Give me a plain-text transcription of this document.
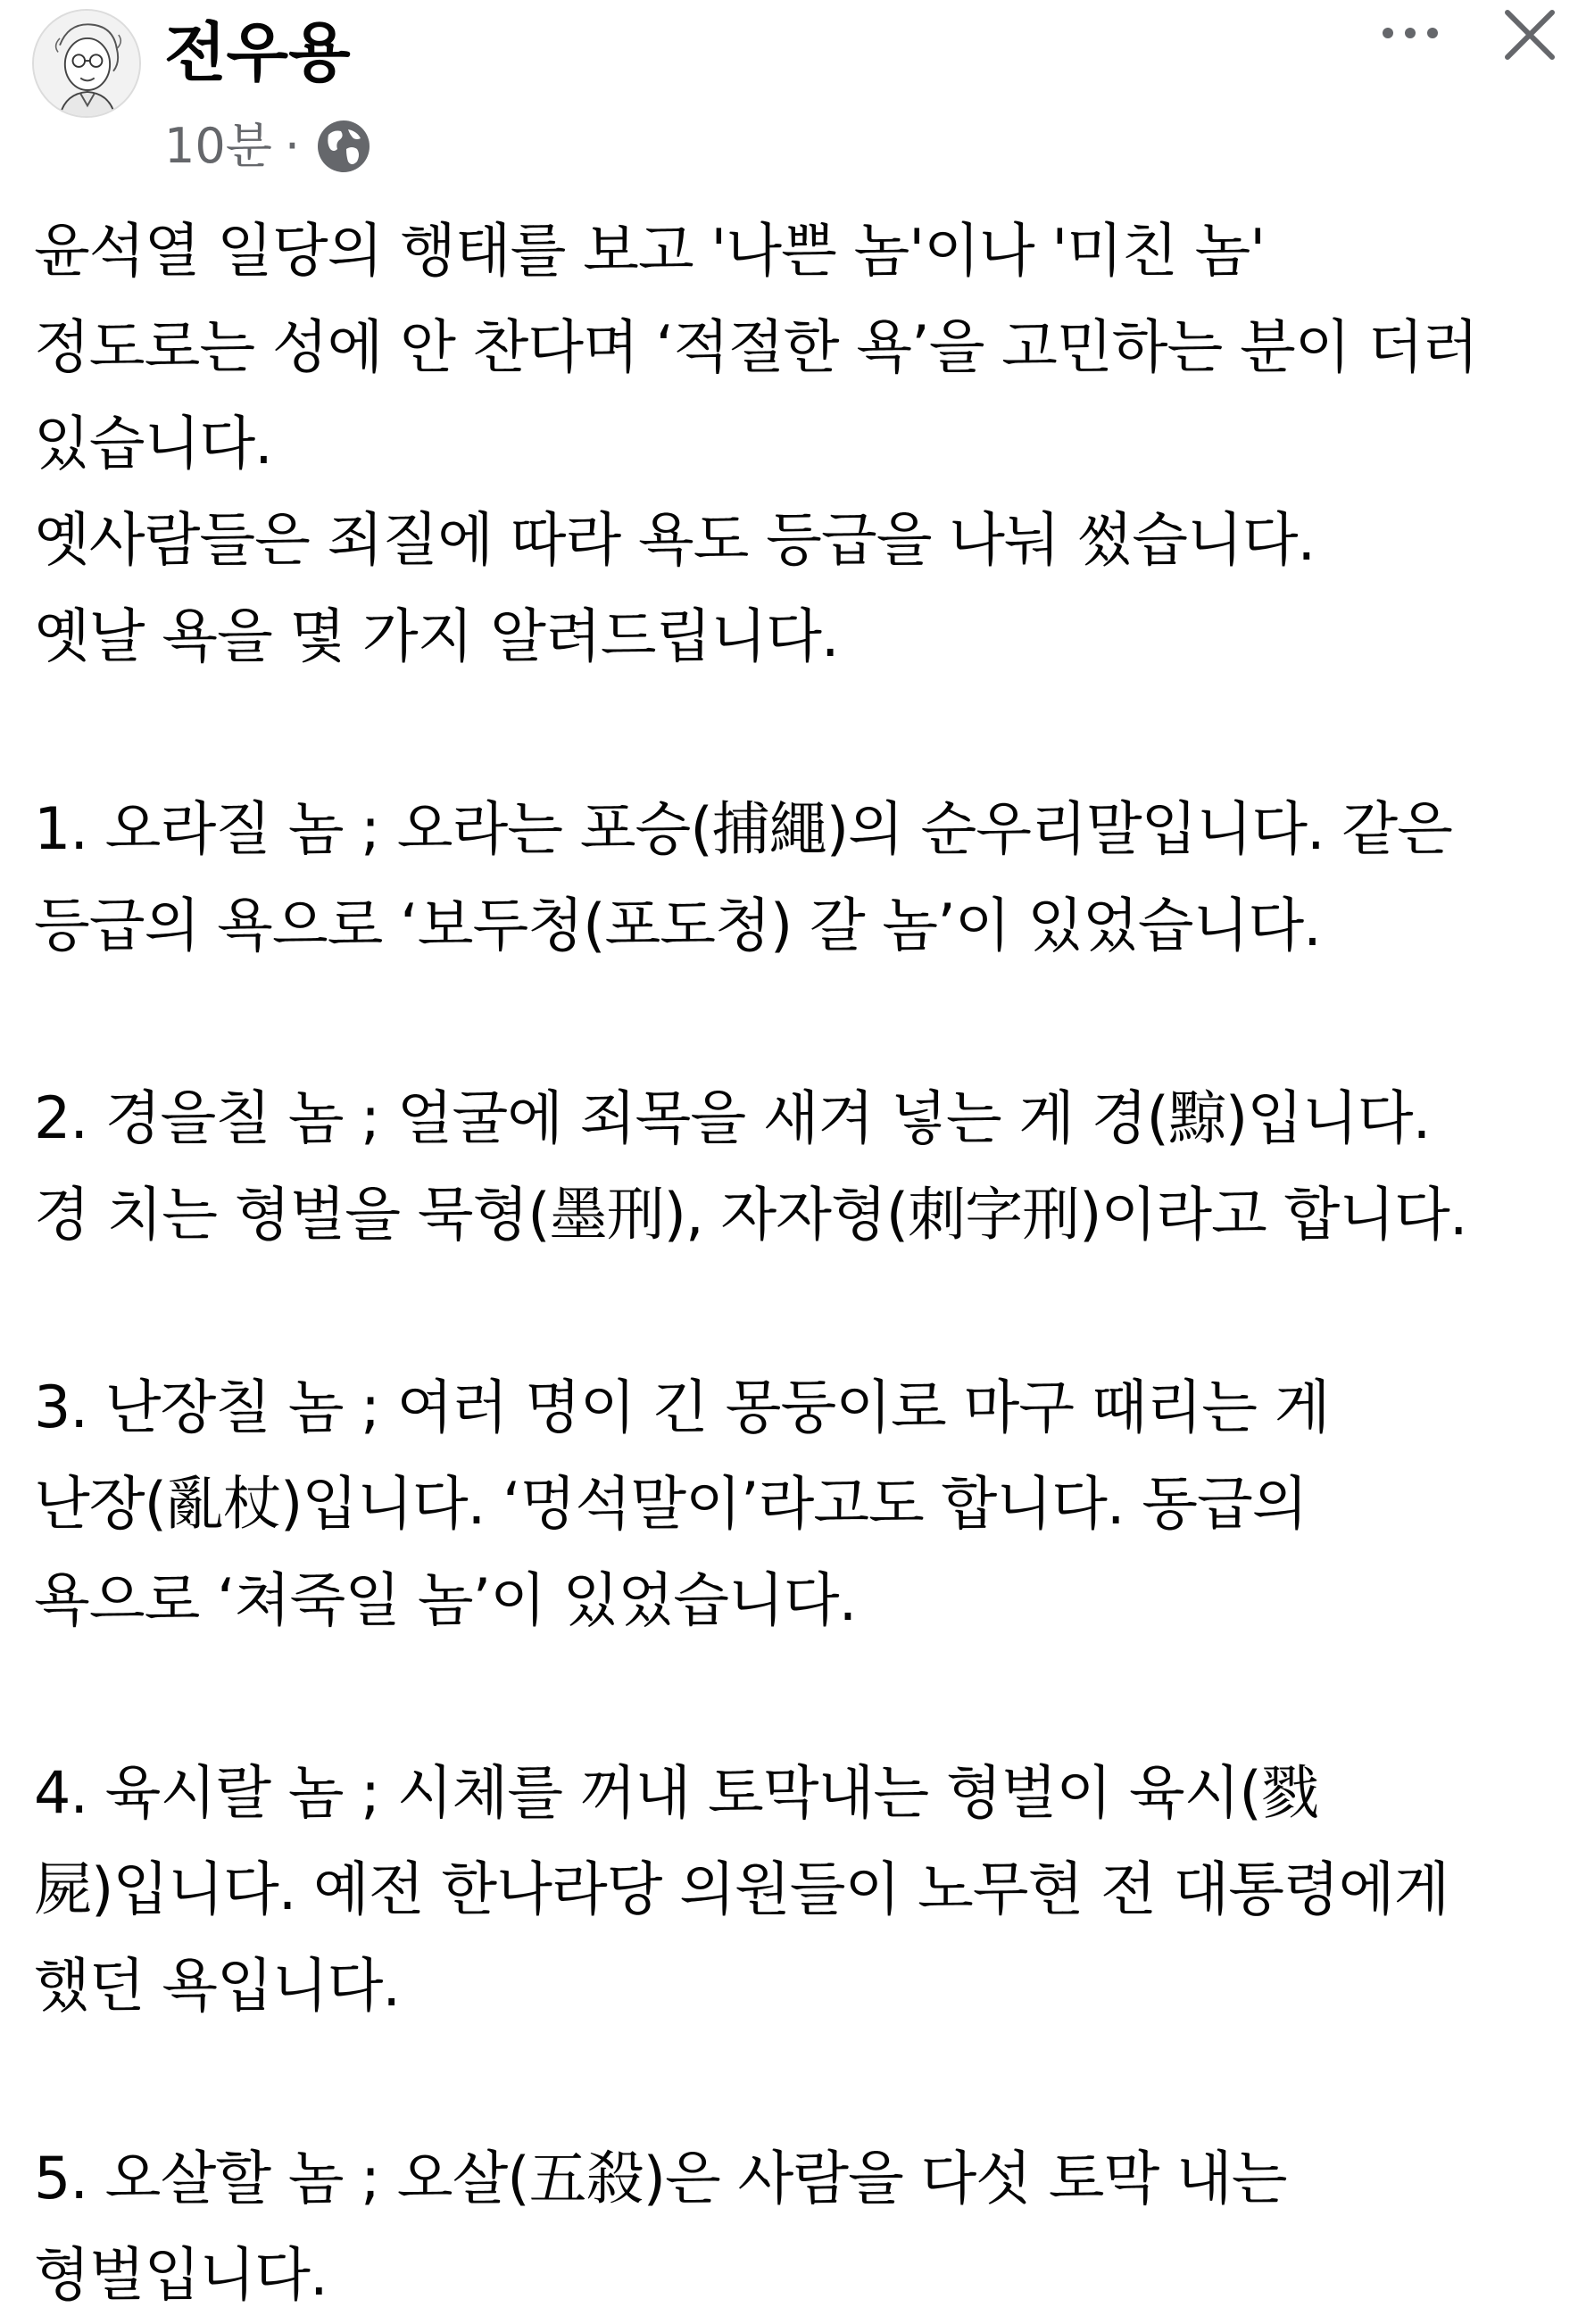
전우용
10분 ·
윤석열 일당의 행태를 보고 '나쁜 놈'이나 '미친 놈'
정도로는 성에 안 찬다며 ‘적절한 욕’을 고민하는 분이 더러
있습니다.
옛사람들은 죄질에 따라 욕도 등급을 나눠 썼습니다.
옛날 욕을 몇 가지 알려드립니다.
1. 오라질 놈 ; 오라는 포승(捕繩)의 순우리말입니다. 같은
등급의 욕으로 ‘보두청(포도청) 갈 놈’이 있었습니다.
2. 경을칠 놈 ; 얼굴에 죄목을 새겨 넣는 게 경(黥)입니다.
경 치는 형벌을 묵형(墨刑), 자자형(刺字刑)이라고 합니다.
3. 난장칠 놈 ; 여러 명이 긴 몽둥이로 마구 때리는 게
난장(亂杖)입니다. ‘멍석말이’라고도 합니다. 동급의
욕으로 ‘쳐죽일 놈’이 있었습니다.
4. 육시랄 놈 ; 시체를 꺼내 토막내는 형벌이 육시(戮
屍)입니다. 예전 한나라당 의원들이 노무현 전 대통령에게
했던 욕입니다.
5. 오살할 놈 ; 오살(五殺)은 사람을 다섯 토막 내는
형벌입니다.
